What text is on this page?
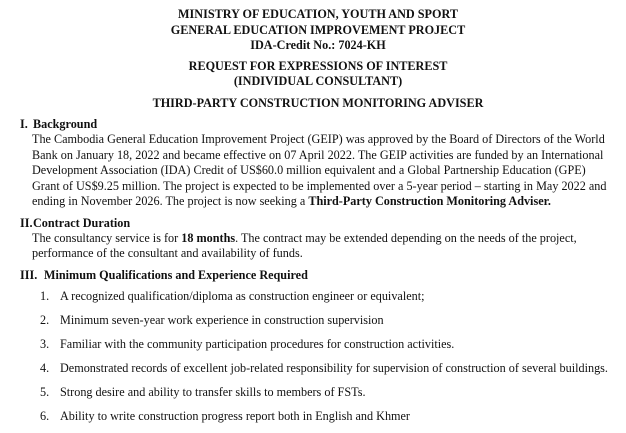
MINISTRY OF EDUCATION, YOUTH AND SPORT
GENERAL EDUCATION IMPROVEMENT PROJECT
IDA-Credit No.: 7024-KH
REQUEST FOR EXPRESSIONS OF INTEREST
(INDIVIDUAL CONSULTANT)
THIRD-PARTY CONSTRUCTION MONITORING ADVISER
I. Background
The Cambodia General Education Improvement Project (GEIP) was approved by the Board of Directors of the World Bank on January 18, 2022 and became effective on 07 April 2022. The GEIP activities are funded by an International Development Association (IDA) Credit of US$60.0 million equivalent and a Global Partnership Education (GPE) Grant of US$9.25 million. The project is expected to be implemented over a 5-year period – starting in May 2022 and ending in November 2026. The project is now seeking a Third-Party Construction Monitoring Adviser.
II. Contract Duration
The consultancy service is for 18 months. The contract may be extended depending on the needs of the project, performance of the consultant and availability of funds.
III. Minimum Qualifications and Experience Required
1. A recognized qualification/diploma as construction engineer or equivalent;
2. Minimum seven-year work experience in construction supervision
3. Familiar with the community participation procedures for construction activities.
4. Demonstrated records of excellent job-related responsibility for supervision of construction of several buildings.
5. Strong desire and ability to transfer skills to members of FSTs.
6. Ability to write construction progress report both in English and Khmer
